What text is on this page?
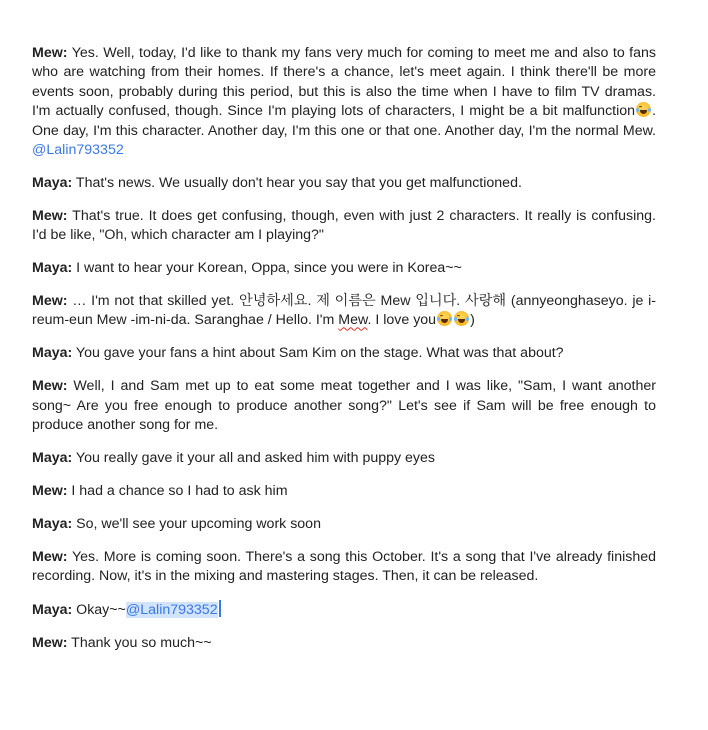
Mew: Yes. Well, today, I'd like to thank my fans very much for coming to meet me and also to fans who are watching from their homes. If there's a chance, let's meet again. I think there'll be more events soon, probably during this period, but this is also the time when I have to film TV dramas. I'm actually confused, though. Since I'm playing lots of characters, I might be a bit malfunction . One day, I'm this character. Another day, I'm this one or that one. Another day, I'm the normal Mew. @Lalin793352

Maya: That's news. We usually don't hear you say that you get malfunctioned.

Mew: That's true. It does get confusing, though, even with just 2 characters. It really is confusing. I'd be like, "Oh, which character am I playing?"

Maya: I want to hear your Korean, Oppa, since you were in Korea~~

Mew: … I'm not that skilled yet. 안녕하세요. 제 이름은 Mew 입니다. 사랑해 (annyeonghaseyo. je i-reum-eun Mew -im-ni-da. Saranghae / Hello. I'm Mew. I love you )

Maya: You gave your fans a hint about Sam Kim on the stage. What was that about?

Mew: Well, I and Sam met up to eat some meat together and I was like, "Sam, I want another song~ Are you free enough to produce another song?" Let's see if Sam will be free enough to produce another song for me.

Maya: You really gave it your all and asked him with puppy eyes

Mew: I had a chance so I had to ask him

Maya: So, we'll see your upcoming work soon

Mew: Yes. More is coming soon. There's a song this October. It's a song that I've already finished recording. Now, it's in the mixing and mastering stages. Then, it can be released.

Maya: Okay~~@Lalin793352

Mew: Thank you so much~~
